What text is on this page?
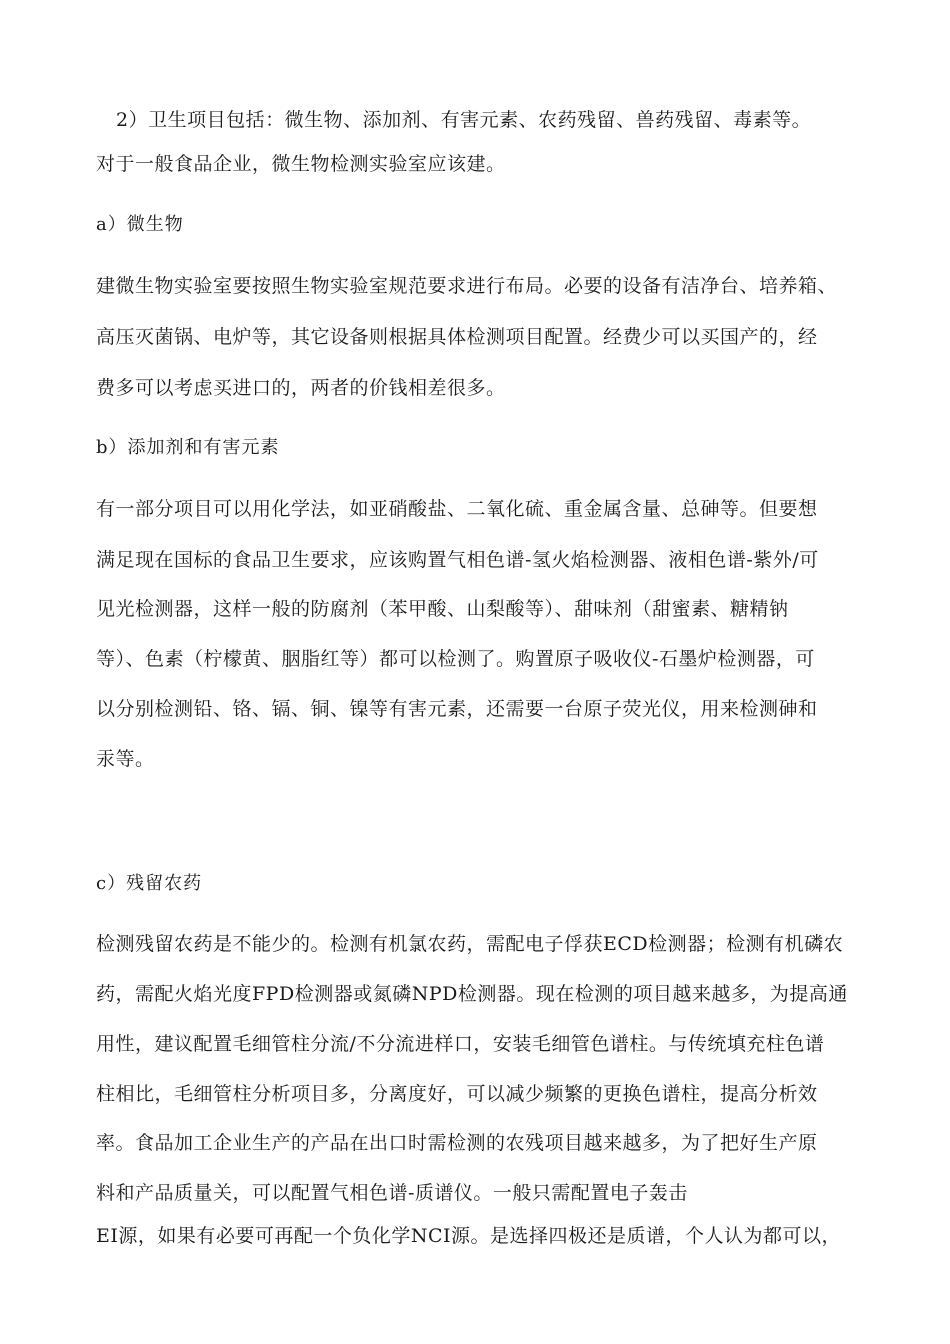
2）卫生项目包括：微生物、添加剂、有害元素、农药残留、兽药残留、毒素等。
对于一般食品企业，微生物检测实验室应该建。
a）微生物
建微生物实验室要按照生物实验室规范要求进行布局。必要的设备有洁净台、培养箱、
高压灭菌锅、电炉等，其它设备则根据具体检测项目配置。经费少可以买国产的，经
费多可以考虑买进口的，两者的价钱相差很多。
b）添加剂和有害元素
有一部分项目可以用化学法，如亚硝酸盐、二氧化硫、重金属含量、总砷等。但要想
满足现在国标的食品卫生要求，应该购置气相色谱-氢火焰检测器、液相色谱-紫外/可
见光检测器，这样一般的防腐剂（苯甲酸、山梨酸等）、甜味剂（甜蜜素、糖精钠
等）、色素（柠檬黄、胭脂红等）都可以检测了。购置原子吸收仪-石墨炉检测器，可
以分别检测铅、铬、镉、铜、镍等有害元素，还需要一台原子荧光仪，用来检测砷和
汞等。
c）残留农药
检测残留农药是不能少的。检测有机氯农药，需配电子俘获ECD检测器；检测有机磷农
药，需配火焰光度FPD检测器或氮磷NPD检测器。现在检测的项目越来越多，为提高通
用性，建议配置毛细管柱分流/不分流进样口，安装毛细管色谱柱。与传统填充柱色谱
柱相比，毛细管柱分析项目多，分离度好，可以减少频繁的更换色谱柱，提高分析效
率。食品加工企业生产的产品在出口时需检测的农残项目越来越多，为了把好生产原
料和产品质量关，可以配置气相色谱-质谱仪。一般只需配置电子轰击
EI源，如果有必要可再配一个负化学NCI源。是选择四极还是质谱，个人认为都可以，
